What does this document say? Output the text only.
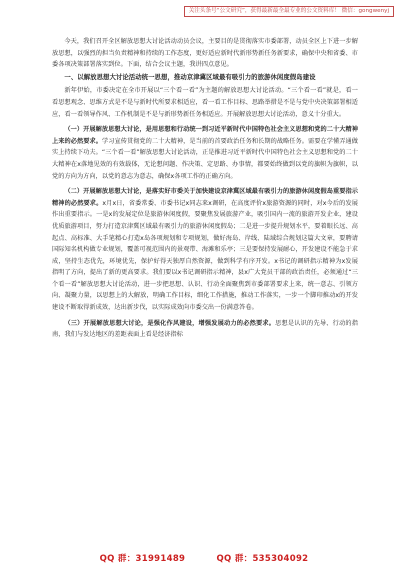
关注头条号“公文研究”，获得最新最全最专业的公文资料库！ 微信：gongwenyj

今天，我们召开全区解放思想大讨论活动动员会议，主要目的是贯彻落实市委部署，动员全区上下进一步解放思想，以强烈的担当负责精神和持续的工作态度，更好适应新时代新形势新任务新要求，确保中央和省委、市委各项决策部署落实到位。下面，结合会议主题，我讲四点意见。

一、以解放思想大讨论活动统一思想，推动京津冀区域最有吸引力的旅游休闲度假岛建设

新年伊始，市委决定在全市开展以“三个看一看”为主题的解放思想大讨论活动。“三个看一看”就是，看一看思想观念、思维方式是不是与新时代所要求相适应，看一看工作目标、思路举措是不是与党中央决策部署相适应，看一看领导作风、工作机制是不是与新形势新任务相适应。开展解放思想大讨论活动，意义十分重大。

（一）开展解放思想大讨论，是用思想和行动统一到习近平新时代中国特色社会主义思想和党的二十大精神上来的必然要求。学习宣传贯彻党的二十大精神，是当前的首要政治任务和长期的战略任务。需要在学懂弄通做实上持续下功夫。“三个看一看”解放思想大讨论活动，正是推进习近平新时代中国特色社会主义思想和党的二十大精神在x落地见效的有效载体，无论想问题、作决策、定思路、办事情，都要始终做到以党的旗帜为旗帜，以党的方向为方向，以党的意志为意志，确保x各项工作的正确方向。

（二）开展解放思想大讨论，是落实好市委关于加快建设京津冀区域最有吸引力的旅游休闲度假岛重要指示精神的必然要求。x月x日，省委常委、市委书记x同志来x调研，在高度评价x旅游资源的同时，对x今后的发展作出重要指示。一是x的发展定位是旅游休闲度假，要聚焦发展旅游产业，吸引国内一流的旅游开发企业，建设优质旅游项目，努力打造京津冀区域最有吸引力的旅游休闲度假岛；二是进一步提升规划水平，要着眼长远、高起点、高标准、大手笔精心打造x岛各项规划和专项规划，做好海岛、岸线、陆域综合规划这篇大文章，要聘请国际知名机构做专业规划，覆盖可视范围内的景观带、海滩和乐亭；三是要保持发展耐心，开发建设不能急于求成，坚持生态优先，环境优先，保护好得天独厚自然资源，做到科学有序开发。x书记的调研指示精神为x发展指明了方向，提出了新的更高要求。我们要以x书记调研指示精神，县x广大党员干部的政治责任，必须通过“三个看一看”解放思想大讨论活动，进一步把思想、认识、行动全面聚焦到市委部署要求上来，统一意志、引领方向、凝聚力量，以思想上的大解放，明确工作目标，细化工作措施，推动工作落实，一步一个脚印推动x的开发建设不断取得新成效，达出新步伐，以实际成效向市委交出一份满意答卷。

（三）开展解放思想大讨论，是强化作风建设，增强发展动力的必然要求。思想是认识的先导、行动的指南，我们与发达地区的差距表面上看是经济指标

QQ 群：31991489	QQ 群：535304092
